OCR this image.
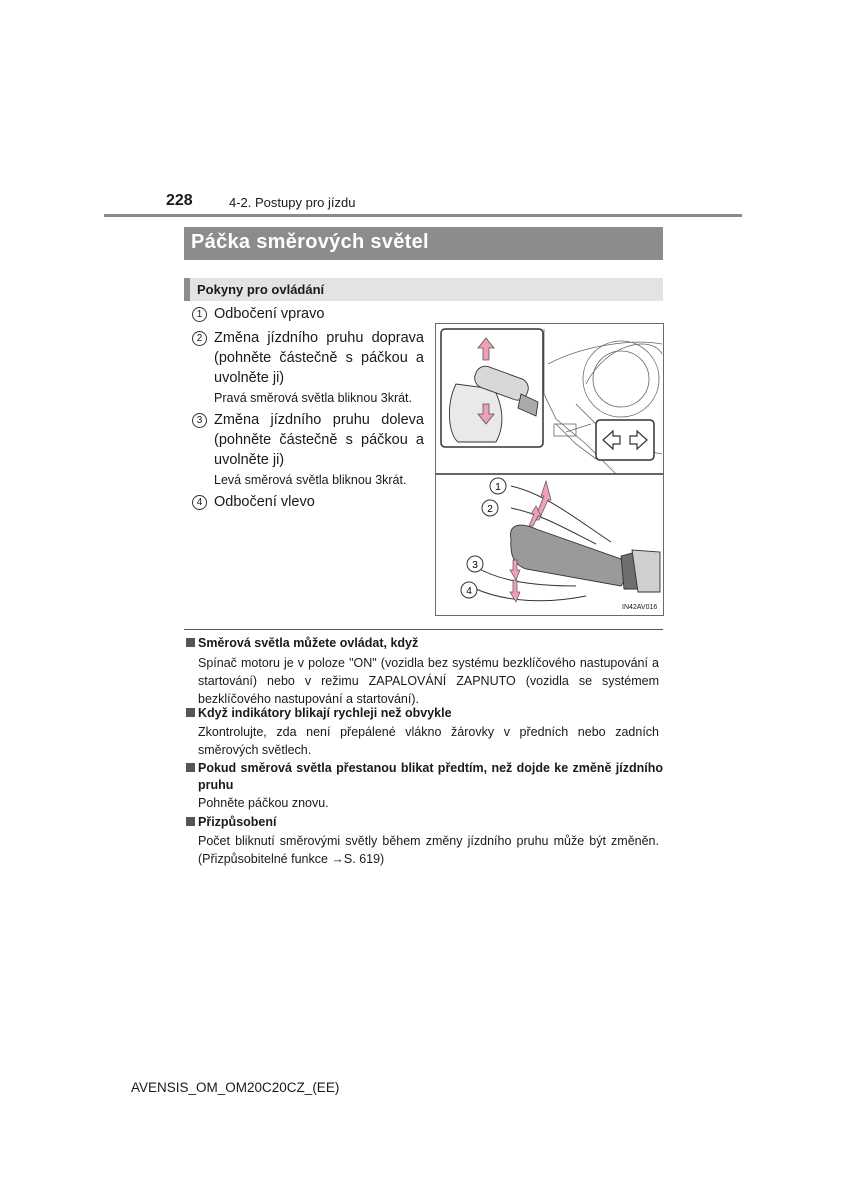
228	4-2. Postupy pro jízdu
Páčka směrových světel
Pokyny pro ovládání
1 Odbočení vpravo
2 Změna jízdního pruhu doprava (pohněte částečně s páčkou a uvolněte ji)
Pravá směrová světla bliknou 3krát.
3 Změna jízdního pruhu doleva (pohněte částečně s páčkou a uvolněte ji)
Levá směrová světla bliknou 3krát.
4 Odbočení vlevo
1
2
3
4
IN42AV016
Směrová světla můžete ovládat, když
Spínač motoru je v poloze "ON" (vozidla bez systému bezklíčového nastupování a startování) nebo v režimu ZAPALOVÁNÍ ZAPNUTO (vozidla se systémem bezklíčového nastupování a startování).
Když indikátory blikají rychleji než obvykle
Zkontrolujte, zda není přepálené vlákno žárovky v předních nebo zadních směrových světlech.
Pokud směrová světla přestanou blikat předtím, než dojde ke změně jízdního pruhu
Pohněte páčkou znovu.
Přizpůsobení
Počet bliknutí směrovými světly během změny jízdního pruhu může být změněn. (Přizpůsobitelné funkce →S. 619)
AVENSIS_OM_OM20C20CZ_(EE)
